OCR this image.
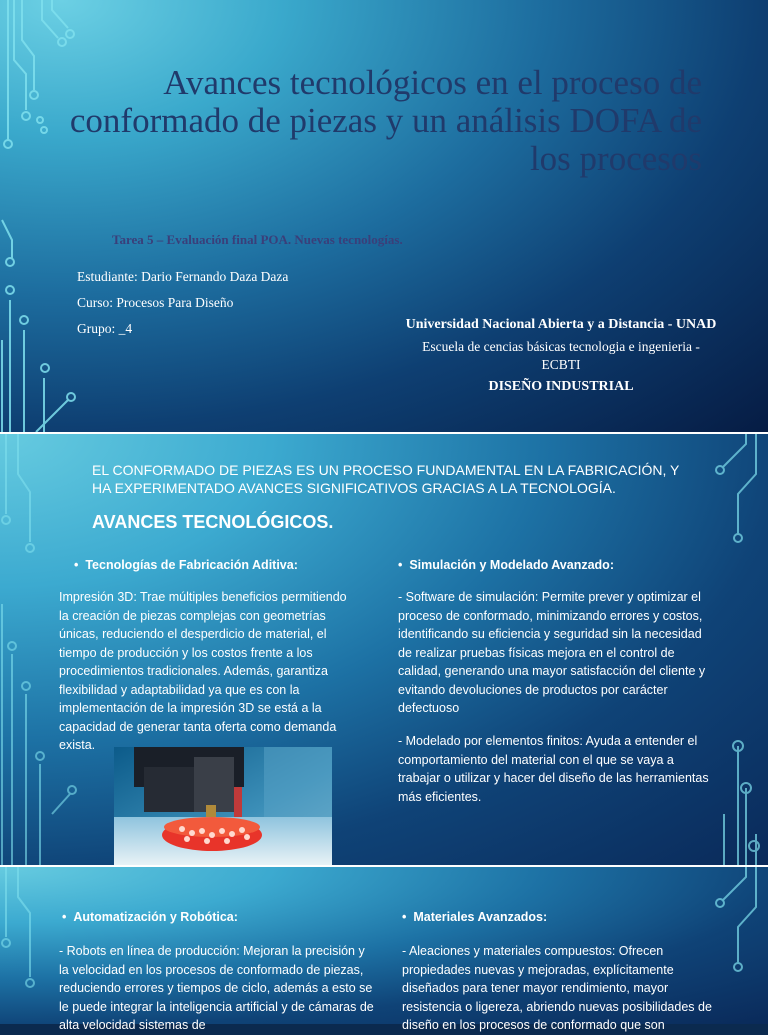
Avances tecnológicos en el proceso de conformado de piezas y un análisis DOFA de los procesos
Tarea 5 – Evaluación final POA. Nuevas tecnologías.
Estudiante: Dario Fernando Daza Daza
Curso: Procesos Para Diseño
Grupo: _4	Universidad Nacional Abierta y a Distancia - UNAD
Escuela de cencias básicas tecnologia e ingenieria - ECBTI
DISEÑO INDUSTRIAL
EL CONFORMADO DE PIEZAS ES UN PROCESO FUNDAMENTAL EN LA FABRICACIÓN, Y HA EXPERIMENTADO AVANCES SIGNIFICATIVOS GRACIAS A LA TECNOLOGÍA.
AVANCES TECNOLÓGICOS.
•  Tecnologías de Fabricación Aditiva:
Impresión 3D: Trae múltiples beneficios permitiendo la creación de piezas complejas con geometrías únicas, reduciendo el desperdicio de material, el tiempo de producción y los costos frente a los procedimientos tradicionales. Además, garantiza flexibilidad y adaptabilidad ya que es con la implementación de la impresión 3D se está a la capacidad de generar tanta oferta como demanda exista.
•  Simulación y Modelado Avanzado:
- Software de simulación: Permite prever y optimizar el proceso de conformado, minimizando errores y costos, identificando su eficiencia y seguridad sin la necesidad de realizar pruebas físicas mejora en el control de calidad, generando una mayor satisfacción del cliente y evitando devoluciones de productos por carácter defectuoso
- Modelado por elementos finitos: Ayuda a entender el comportamiento del material con el que se vaya a trabajar o utilizar y hacer del diseño de las herramientas más eficientes.
•  Automatización y Robótica:
- Robots en línea de producción: Mejoran la precisión y la velocidad en los procesos de conformado de piezas, reduciendo errores y tiempos de ciclo, además a esto se le puede integrar la inteligencia artificial y de cámaras de alta velocidad sistemas de
•  Materiales Avanzados:
- Aleaciones y materiales compuestos: Ofrecen propiedades nuevas y mejoradas, explícitamente diseñados para tener mayor rendimiento, mayor resistencia o ligereza, abriendo nuevas posibilidades de diseño en los procesos de conformado que son
